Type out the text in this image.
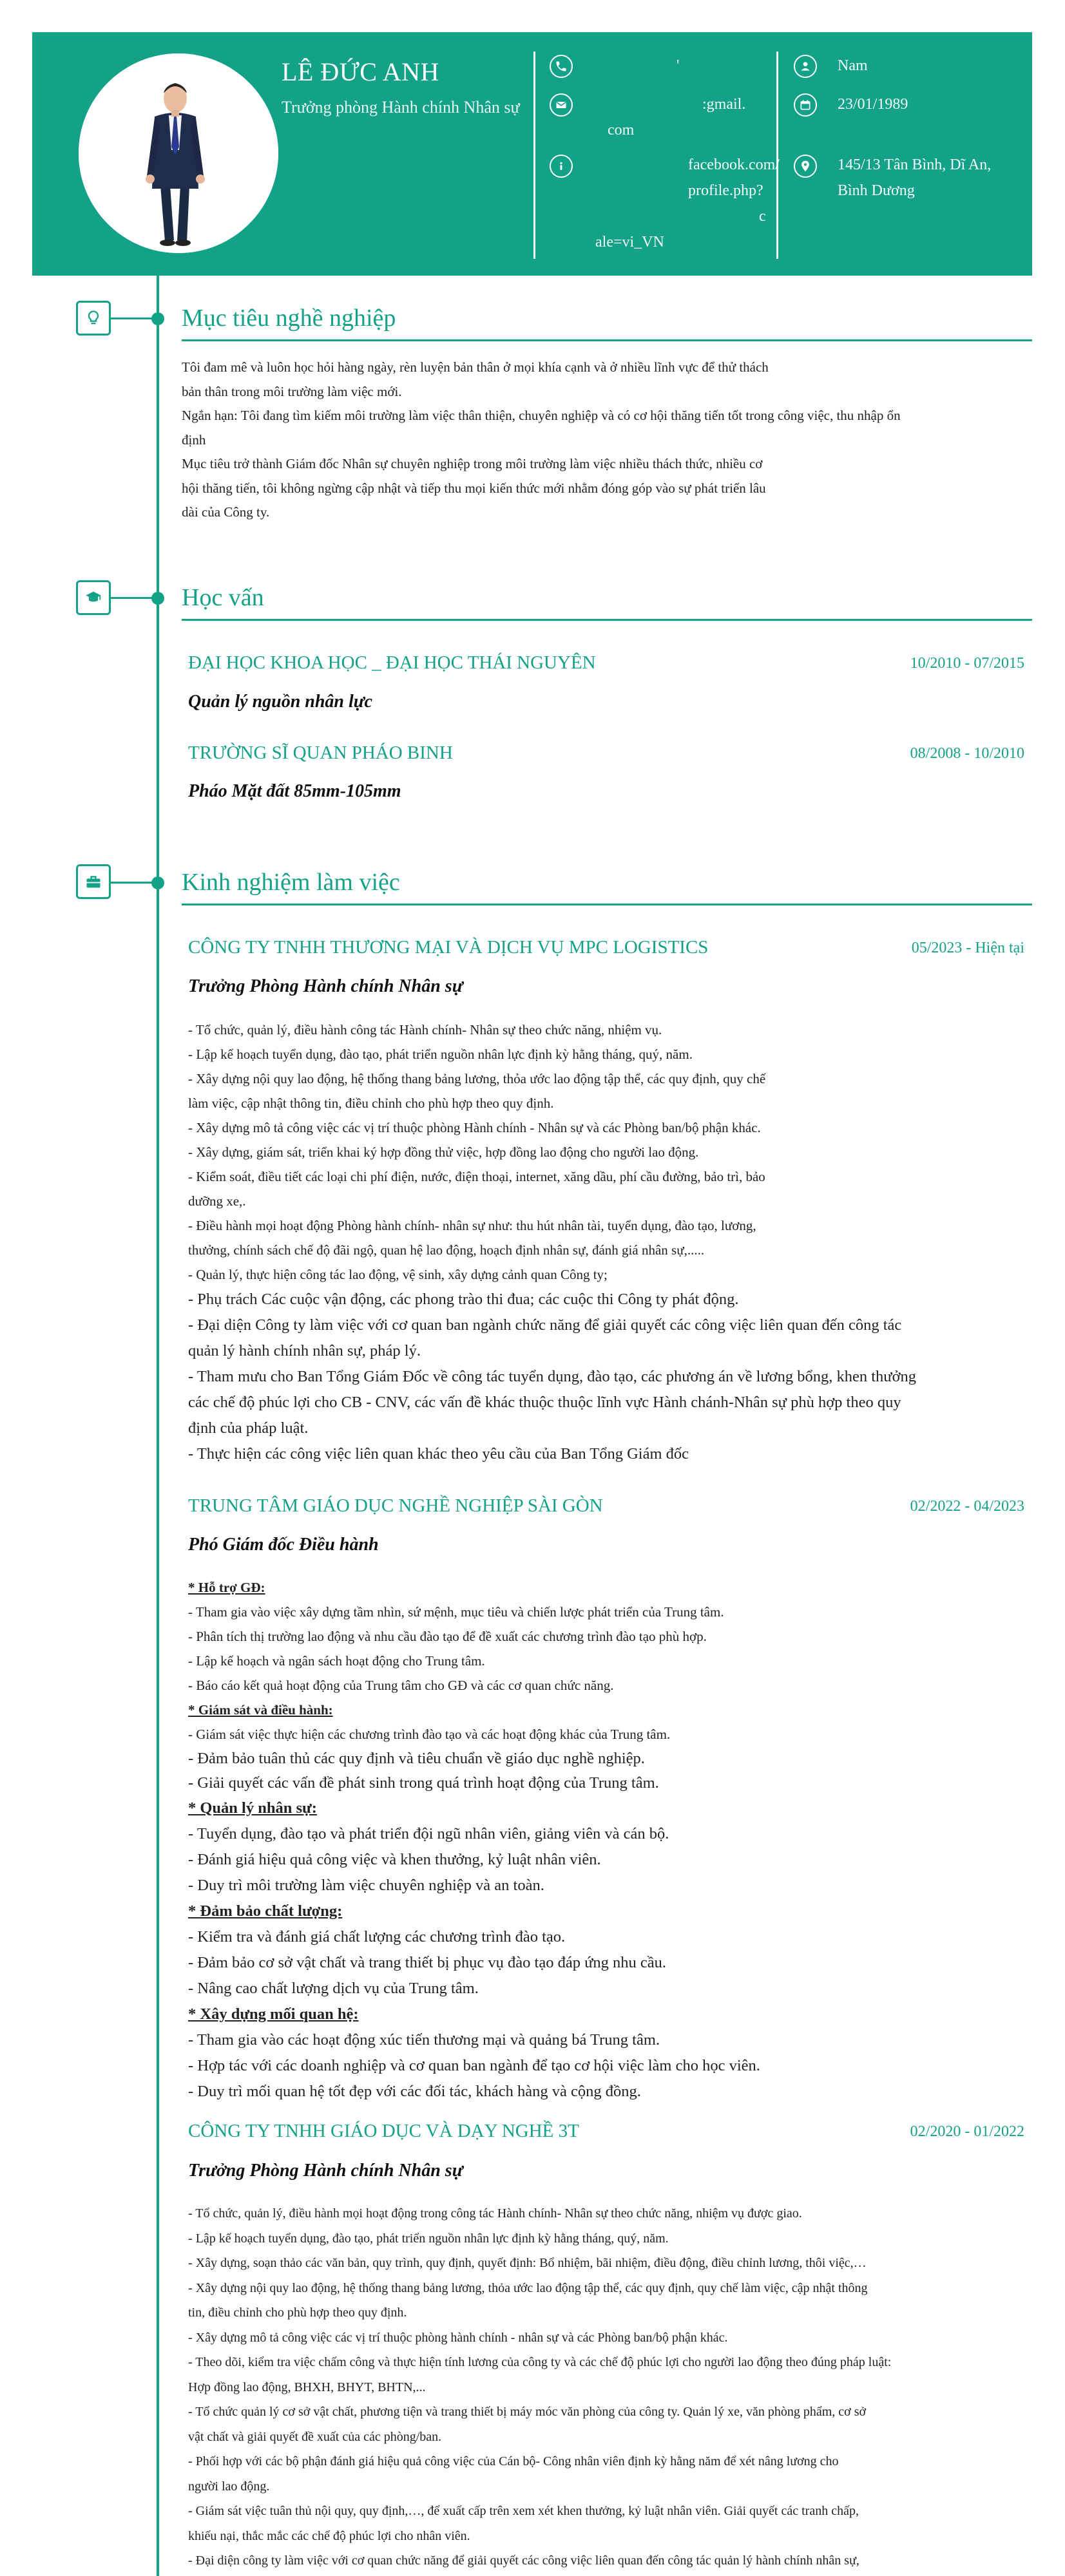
LÊ ĐỨC ANH
Trưởng phòng Hành chính Nhân sự
'
:gmail.
com
facebook.com/
profile.php?
c
ale=vi_VN
Nam
23/01/1989
145/13 Tân Bình, Dĩ An,
Bình Dương
Mục tiêu nghề nghiệp
Tôi đam mê và luôn học hỏi hàng ngày, rèn luyện bản thân ở mọi khía cạnh và ở nhiều lĩnh vực để thử thách
bản thân trong môi trường làm việc mới.
Ngắn hạn: Tôi đang tìm kiếm môi trường làm việc thân thiện, chuyên nghiệp và có cơ hội thăng tiến tốt trong công việc, thu nhập ổn
định
Mục tiêu trở thành Giám đốc Nhân sự chuyên nghiệp trong môi trường làm việc nhiều thách thức, nhiều cơ
hội thăng tiến, tôi không ngừng cập nhật và tiếp thu mọi kiến thức mới nhằm đóng góp vào sự phát triển lâu
dài của Công ty.
Học vấn
ĐẠI HỌC KHOA HỌC _ ĐẠI HỌC THÁI NGUYÊN	10/2010 - 07/2015
Quản lý nguồn nhân lực
TRƯỜNG SĨ QUAN PHÁO BINH	08/2008 - 10/2010
Pháo Mặt đất 85mm-105mm
Kinh nghiệm làm việc
CÔNG TY TNHH THƯƠNG MẠI VÀ DỊCH VỤ MPC LOGISTICS	05/2023 - Hiện tại
Trưởng Phòng Hành chính Nhân sự
- Tổ chức, quản lý, điều hành công tác Hành chính- Nhân sự theo chức năng, nhiệm vụ.
- Lập kế hoạch tuyển dụng, đào tạo, phát triển nguồn nhân lực định kỳ hằng tháng, quý, năm.
- Xây dựng nội quy lao động, hệ thống thang bảng lương, thỏa ước lao động tập thể, các quy định, quy chế
làm việc, cập nhật thông tin, điều chỉnh cho phù hợp theo quy định.
- Xây dựng mô tả công việc các vị trí thuộc phòng Hành chính - Nhân sự và các Phòng ban/bộ phận khác.
- Xây dựng, giám sát, triển khai ký hợp đồng thử việc, hợp đồng lao động cho người lao động.
- Kiểm soát, điều tiết các loại chi phí điện, nước, điện thoại, internet, xăng dầu, phí cầu đường, bảo trì, bảo
dưỡng xe,.
- Điều hành mọi hoạt động Phòng hành chính- nhân sự như: thu hút nhân tài, tuyển dụng, đào tạo, lương,
thưởng, chính sách chế độ đãi ngộ, quan hệ lao động, hoạch định nhân sự, đánh giá nhân sự,.....
- Quản lý, thực hiện công tác lao động, vệ sinh, xây dựng cảnh quan Công ty;
- Phụ trách Các cuộc vận động, các phong trào thi đua; các cuộc thi Công ty phát động.
- Đại diện Công ty làm việc với cơ quan ban ngành chức năng để giải quyết các công việc liên quan đến công tác
quản lý hành chính nhân sự, pháp lý.
- Tham mưu cho Ban Tổng Giám Đốc về công tác tuyển dụng, đào tạo, các phương án về lương bổng, khen thưởng
các chế độ phúc lợi cho CB - CNV, các vấn đề khác thuộc thuộc lĩnh vực Hành chánh-Nhân sự phù hợp theo quy
định của pháp luật.
- Thực hiện các công việc liên quan khác theo yêu cầu của Ban Tổng Giám đốc
TRUNG TÂM GIÁO DỤC NGHỀ NGHIỆP SÀI GÒN	02/2022 - 04/2023
Phó Giám đốc Điều hành
* Hỗ trợ GĐ:
- Tham gia vào việc xây dựng tầm nhìn, sứ mệnh, mục tiêu và chiến lược phát triển của Trung tâm.
- Phân tích thị trường lao động và nhu cầu đào tạo để đề xuất các chương trình đào tạo phù hợp.
- Lập kế hoạch và ngân sách hoạt động cho Trung tâm.
- Báo cáo kết quả hoạt động của Trung tâm cho GĐ và các cơ quan chức năng.
* Giám sát và điều hành:
- Giám sát việc thực hiện các chương trình đào tạo và các hoạt động khác của Trung tâm.
- Đảm bảo tuân thủ các quy định và tiêu chuẩn về giáo dục nghề nghiệp.
- Giải quyết các vấn đề phát sinh trong quá trình hoạt động của Trung tâm.
* Quản lý nhân sự:
- Tuyển dụng, đào tạo và phát triển đội ngũ nhân viên, giảng viên và cán bộ.
- Đánh giá hiệu quả công việc và khen thưởng, kỷ luật nhân viên.
- Duy trì môi trường làm việc chuyên nghiệp và an toàn.
* Đảm bảo chất lượng:
- Kiểm tra và đánh giá chất lượng các chương trình đào tạo.
- Đảm bảo cơ sở vật chất và trang thiết bị phục vụ đào tạo đáp ứng nhu cầu.
- Nâng cao chất lượng dịch vụ của Trung tâm.
* Xây dựng mối quan hệ:
- Tham gia vào các hoạt động xúc tiến thương mại và quảng bá Trung tâm.
- Hợp tác với các doanh nghiệp và cơ quan ban ngành để tạo cơ hội việc làm cho học viên.
- Duy trì mối quan hệ tốt đẹp với các đối tác, khách hàng và cộng đồng.
CÔNG TY TNHH GIÁO DỤC VÀ DẠY NGHỀ 3T	02/2020 - 01/2022
Trưởng Phòng Hành chính Nhân sự
- Tổ chức, quản lý, điều hành mọi hoạt động trong công tác Hành chính- Nhân sự theo chức năng, nhiệm vụ được giao.
- Lập kế hoạch tuyển dụng, đào tạo, phát triển nguồn nhân lực định kỳ hằng tháng, quý, năm.
- Xây dựng, soạn thảo các văn bản, quy trình, quy định, quyết định: Bổ nhiệm, bãi nhiệm, điều động, điều chỉnh lương, thôi việc,…
- Xây dựng nội quy lao động, hệ thống thang bảng lương, thỏa ước lao động tập thể, các quy định, quy chế làm việc, cập nhật thông
tin, điều chỉnh cho phù hợp theo quy định.
- Xây dựng mô tả công việc các vị trí thuộc phòng hành chính - nhân sự và các Phòng ban/bộ phận khác.
- Theo dõi, kiểm tra việc chấm công và thực hiện tính lương của công ty và các chế độ phúc lợi cho người lao động theo đúng pháp luật:
Hợp đồng lao động, BHXH, BHYT, BHTN,...
- Tổ chức quản lý cơ sở vật chất, phương tiện và trang thiết bị máy móc văn phòng của công ty. Quản lý xe, văn phòng phẩm, cơ sở
vật chất và giải quyết đề xuất của các phòng/ban.
- Phối hợp với các bộ phận đánh giá hiệu quả công việc của Cán bộ- Công nhân viên định kỳ hằng năm để xét nâng lương cho
người lao động.
- Giám sát việc tuân thủ nội quy, quy định,…, để xuất cấp trên xem xét khen thưởng, kỷ luật nhân viên. Giải quyết các tranh chấp,
khiếu nại, thắc mắc các chế độ phúc lợi cho nhân viên.
- Đại diện công ty làm việc với cơ quan chức năng để giải quyết các công việc liên quan đến công tác quản lý hành chính nhân sự,
